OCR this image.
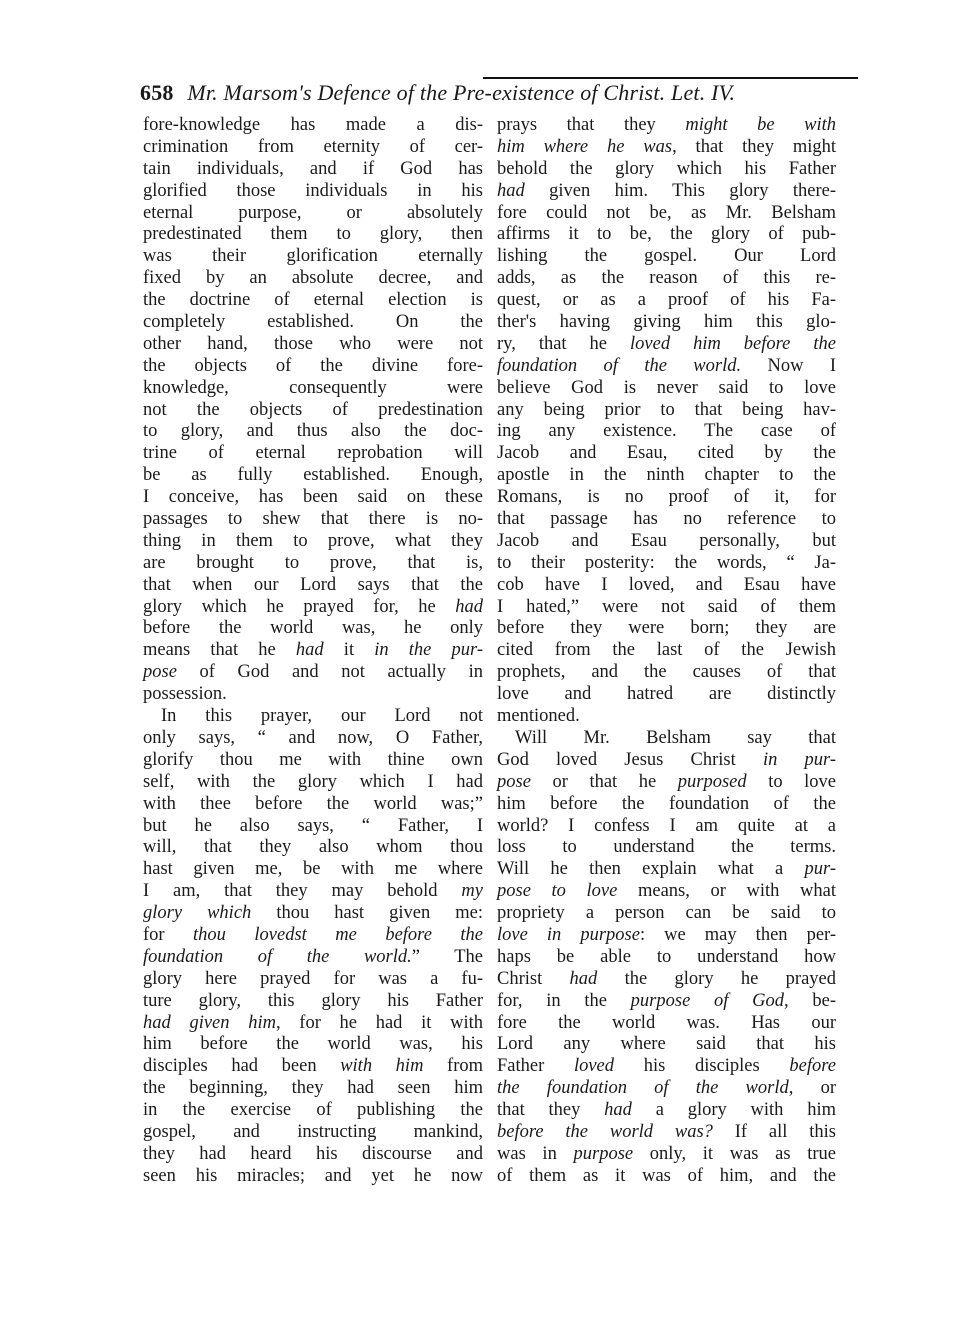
658 Mr. Marsom's Defence of the Pre-existence of Christ. Let. IV.
fore-knowledge has made a dis-
crimination from eternity of cer-
tain individuals, and if God has
glorified those individuals in his
eternal purpose, or absolutely
predestinated them to glory, then
was their glorification eternally
fixed by an absolute decree, and
the doctrine of eternal election is
completely established. On the
other hand, those who were not
the objects of the divine fore-
knowledge, consequently were
not the objects of predestination
to glory, and thus also the doc-
trine of eternal reprobation will
be as fully established. Enough,
I conceive, has been said on these
passages to shew that there is no-
thing in them to prove, what they
are brought to prove, that is,
that when our Lord says that the
glory which he prayed for, he had
before the world was, he only
means that he had it in the pur-
pose of God and not actually in
possession.
In this prayer, our Lord not
only says, “ and now, O Father,
glorify thou me with thine own
self, with the glory which I had
with thee before the world was;”
but he also says, “ Father, I
will, that they also whom thou
hast given me, be with me where
I am, that they may behold my
glory which thou hast given me:
for thou lovedst me before the
foundation of the world.” The
glory here prayed for was a fu-
ture glory, this glory his Father
had given him, for he had it with
him before the world was, his
disciples had been with him from
the beginning, they had seen him
in the exercise of publishing the
gospel, and instructing mankind,
they had heard his discourse and
seen his miracles; and yet he now
prays that they might be with
him where he was, that they might
behold the glory which his Father
had given him. This glory there-
fore could not be, as Mr. Belsham
affirms it to be, the glory of pub-
lishing the gospel. Our Lord
adds, as the reason of this re-
quest, or as a proof of his Fa-
ther's having giving him this glo-
ry, that he loved him before the
foundation of the world. Now I
believe God is never said to love
any being prior to that being hav-
ing any existence. The case of
Jacob and Esau, cited by the
apostle in the ninth chapter to the
Romans, is no proof of it, for
that passage has no reference to
Jacob and Esau personally, but
to their posterity: the words, “ Ja-
cob have I loved, and Esau have
I hated,” were not said of them
before they were born; they are
cited from the last of the Jewish
prophets, and the causes of that
love and hatred are distinctly
mentioned.
Will Mr. Belsham say that
God loved Jesus Christ in pur-
pose or that he purposed to love
him before the foundation of the
world? I confess I am quite at a
loss to understand the terms.
Will he then explain what a pur-
pose to love means, or with what
propriety a person can be said to
love in purpose: we may then per-
haps be able to understand how
Christ had the glory he prayed
for, in the purpose of God, be-
fore the world was. Has our
Lord any where said that his
Father loved his disciples before
the foundation of the world, or
that they had a glory with him
before the world was? If all this
was in purpose only, it was as true
of them as it was of him, and the
